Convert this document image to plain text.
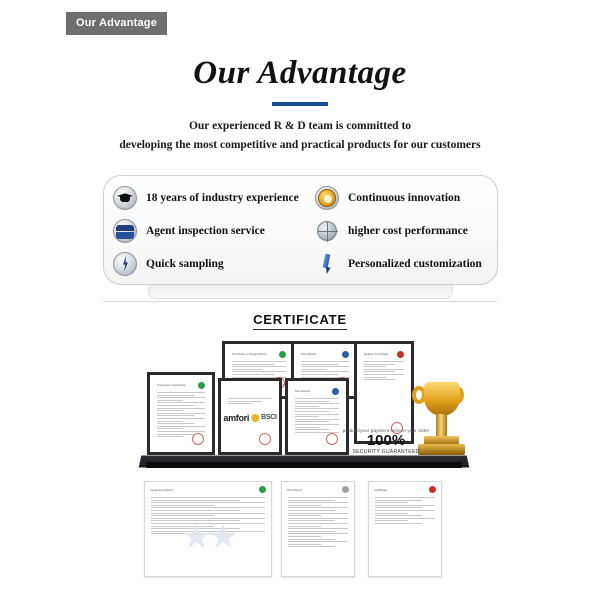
Our Advantage
Our Advantage
Our experienced R & D team is committed to
developing the most competitive and practical products for our customers
18 years of industry experience	Continuous innovation
Agent inspection service	higher cost performance
Quick sampling	Personalized customization
CERTIFICATE
Certificate of Registration	Test Report
Inspection Certificate
amfori BSCI
Test Report
Quality Certificate
product/your payment seizure your order
100%
SECURITY GUARANTEED
Inspection Report
★★
Test Report	Certificate
